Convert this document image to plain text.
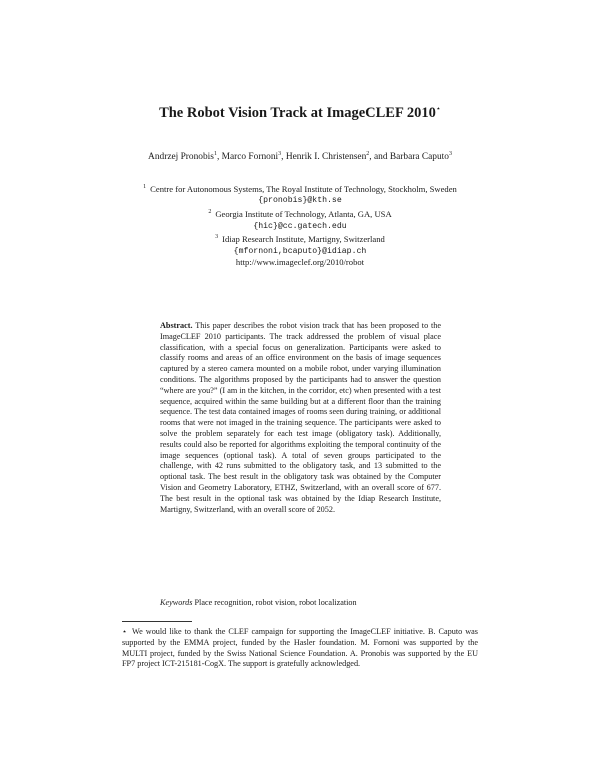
The Robot Vision Track at ImageCLEF 2010⋆
Andrzej Pronobis$^1$, Marco Fornoni$^3$, Henrik I. Christensen$^2$, and Barbara Caputo$^3$
$^1$ Centre for Autonomous Systems, The Royal Institute of Technology, Stockholm, Sweden
{pronobis}@kth.se
$^2$ Georgia Institute of Technology, Atlanta, GA, USA
{hic}@cc.gatech.edu
$^3$ Idiap Research Institute, Martigny, Switzerland
{mfornoni,bcaputo}@idiap.ch
http://www.imageclef.org/2010/robot
Abstract. This paper describes the robot vision track that has been proposed to the ImageCLEF 2010 participants. The track addressed the problem of visual place classification, with a special focus on generalization. Participants were asked to classify rooms and areas of an office environment on the basis of image sequences captured by a stereo camera mounted on a mobile robot, under varying illumination conditions. The algorithms proposed by the participants had to answer the question “where are you?” (I am in the kitchen, in the corridor, etc) when presented with a test sequence, acquired within the same building but at a different floor than the training sequence. The test data contained images of rooms seen during training, or additional rooms that were not imaged in the training sequence. The participants were asked to solve the problem separately for each test image (obligatory task). Additionally, results could also be reported for algorithms exploiting the temporal continuity of the image sequences (optional task). A total of seven groups participated to the challenge, with 42 runs submitted to the obligatory task, and 13 submitted to the optional task. The best result in the obligatory task was obtained by the Computer Vision and Geometry Laboratory, ETHZ, Switzerland, with an overall score of 677. The best result in the optional task was obtained by the Idiap Research Institute, Martigny, Switzerland, with an overall score of 2052.
Keywords Place recognition, robot vision, robot localization
⋆ We would like to thank the CLEF campaign for supporting the ImageCLEF initiative. B. Caputo was supported by the EMMA project, funded by the Hasler foundation. M. Fornoni was supported by the MULTI project, funded by the Swiss National Science Foundation. A. Pronobis was supported by the EU FP7 project ICT-215181-CogX. The support is gratefully acknowledged.
